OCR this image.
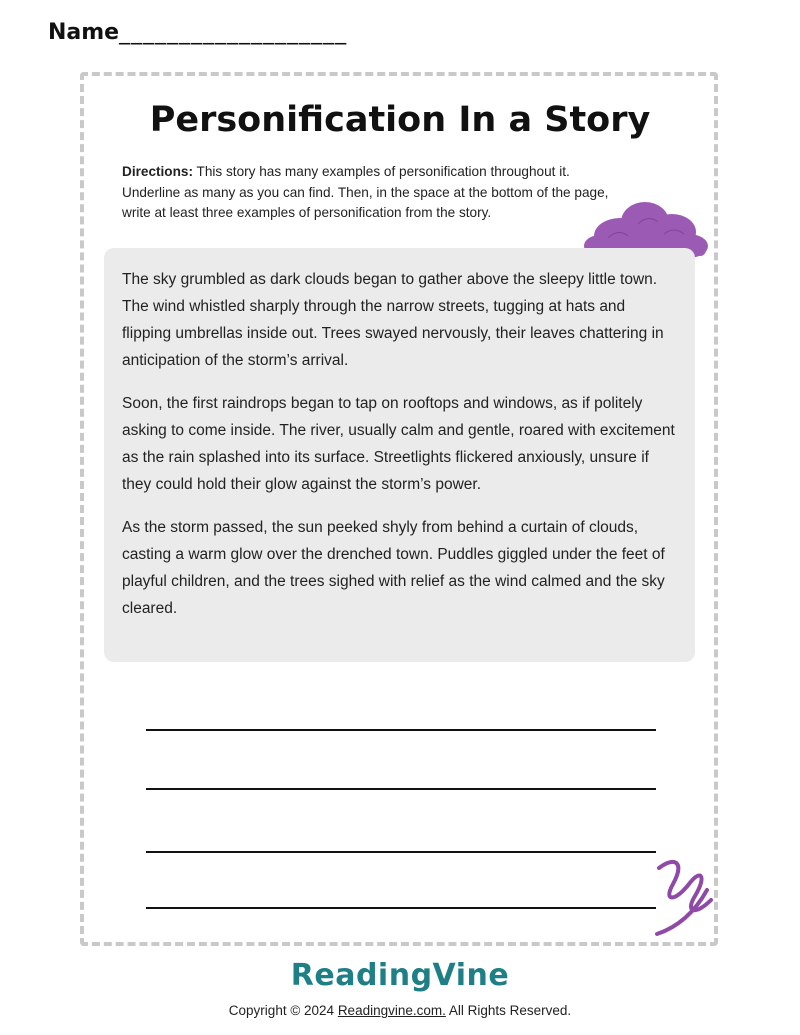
Name___________________
Personification In a Story
Directions: This story has many examples of personification throughout it. Underline as many as you can find. Then, in the space at the bottom of the page, write at least three examples of personification from the story.

The sky grumbled as dark clouds began to gather above the sleepy little town. The wind whistled sharply through the narrow streets, tugging at hats and flipping umbrellas inside out. Trees swayed nervously, their leaves chattering in anticipation of the storm’s arrival.

Soon, the first raindrops began to tap on rooftops and windows, as if politely asking to come inside. The river, usually calm and gentle, roared with excitement as the rain splashed into its surface. Streetlights flickered anxiously, unsure if they could hold their glow against the storm’s power.

As the storm passed, the sun peeked shyly from behind a curtain of clouds, casting a warm glow over the drenched town. Puddles giggled under the feet of playful children, and the trees sighed with relief as the wind calmed and the sky cleared.

ReadingVine
Copyright © 2024 Readingvine.com. All Rights Reserved.
